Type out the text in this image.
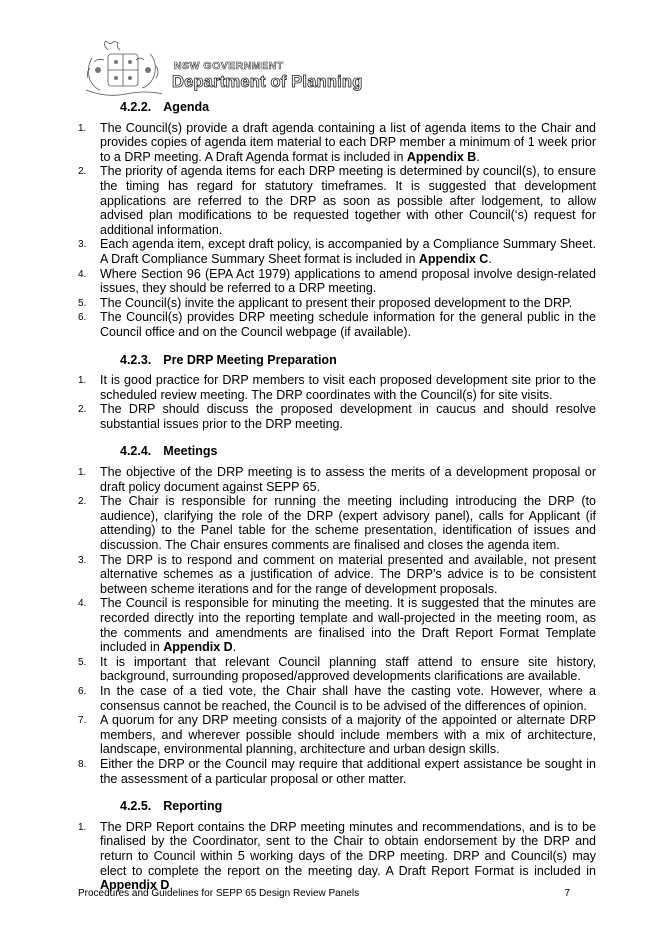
NSW GOVERNMENT
Department of Planning
4.2.2. Agenda
1. The Council(s) provide a draft agenda containing a list of agenda items to the Chair and provides copies of agenda item material to each DRP member a minimum of 1 week prior to a DRP meeting. A Draft Agenda format is included in Appendix B.
2. The priority of agenda items for each DRP meeting is determined by council(s), to ensure the timing has regard for statutory timeframes. It is suggested that development applications are referred to the DRP as soon as possible after lodgement, to allow advised plan modifications to be requested together with other Council(‘s) request for additional information.
3. Each agenda item, except draft policy, is accompanied by a Compliance Summary Sheet. A Draft Compliance Summary Sheet format is included in Appendix C.
4. Where Section 96 (EPA Act 1979) applications to amend proposal involve design-related issues, they should be referred to a DRP meeting.
5. The Council(s) invite the applicant to present their proposed development to the DRP.
6. The Council(s) provides DRP meeting schedule information for the general public in the Council office and on the Council webpage (if available).
4.2.3. Pre DRP Meeting Preparation
1. It is good practice for DRP members to visit each proposed development site prior to the scheduled review meeting. The DRP coordinates with the Council(s) for site visits.
2. The DRP should discuss the proposed development in caucus and should resolve substantial issues prior to the DRP meeting.
4.2.4. Meetings
1. The objective of the DRP meeting is to assess the merits of a development proposal or draft policy document against SEPP 65.
2. The Chair is responsible for running the meeting including introducing the DRP (to audience), clarifying the role of the DRP (expert advisory panel), calls for Applicant (if attending) to the Panel table for the scheme presentation, identification of issues and discussion. The Chair ensures comments are finalised and closes the agenda item.
3. The DRP is to respond and comment on material presented and available, not present alternative schemes as a justification of advice. The DRP’s advice is to be consistent between scheme iterations and for the range of development proposals.
4. The Council is responsible for minuting the meeting. It is suggested that the minutes are recorded directly into the reporting template and wall-projected in the meeting room, as the comments and amendments are finalised into the Draft Report Format Template included in Appendix D.
5. It is important that relevant Council planning staff attend to ensure site history, background, surrounding proposed/approved developments clarifications are available.
6. In the case of a tied vote, the Chair shall have the casting vote. However, where a consensus cannot be reached, the Council is to be advised of the differences of opinion.
7. A quorum for any DRP meeting consists of a majority of the appointed or alternate DRP members, and wherever possible should include members with a mix of architecture, landscape, environmental planning, architecture and urban design skills.
8. Either the DRP or the Council may require that additional expert assistance be sought in the assessment of a particular proposal or other matter.
4.2.5. Reporting
1. The DRP Report contains the DRP meeting minutes and recommendations, and is to be finalised by the Coordinator, sent to the Chair to obtain endorsement by the DRP and return to Council within 5 working days of the DRP meeting. DRP and Council(s) may elect to complete the report on the meeting day. A Draft Report Format is included in Appendix D.
Procedures and Guidelines for SEPP 65 Design Review Panels	7
